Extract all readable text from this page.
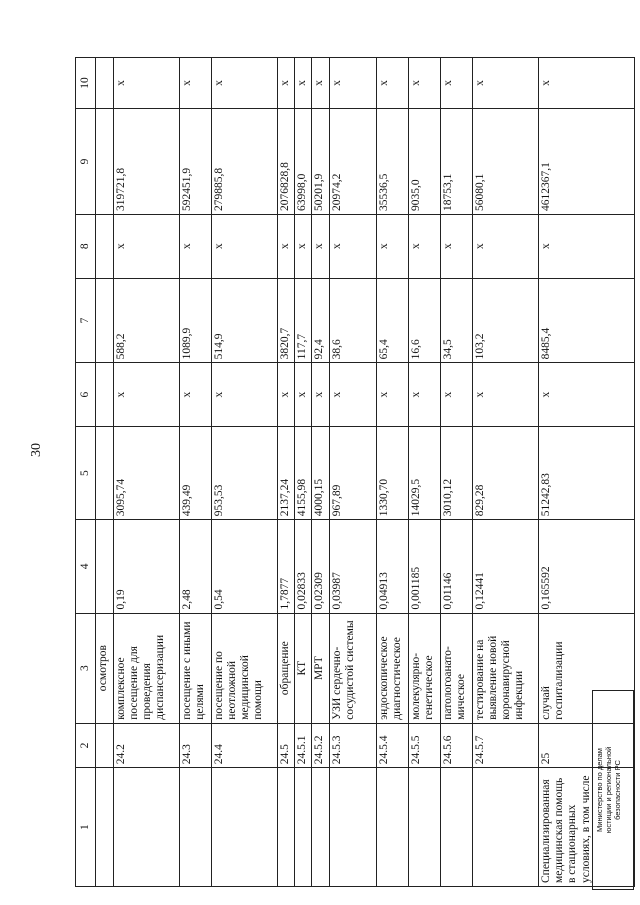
30
1	2	3	4	5	6	7	8	9	10
		осмотров							
	24.2	комплексное посещение для проведения диспансеризации	0,19	3095,74	х	588,2	х	319721,8	х
	24.3	посещение с иными целями	2,48	439,49	х	1089,9	х	592451,9	х
	24.4	посещение по неотложной медицинской помощи	0,54	953,53	х	514,9	х	279885,8	х
	24.5	обращение	1,7877	2137,24	х	3820,7	х	2076828,8	х
	24.5.1	КТ	0,02833	4155,98	х	117,7	х	63998,0	х
	24.5.2	МРТ	0,02309	4000,15	х	92,4	х	50201,9	х
	24.5.3	УЗИ сердечно-сосудистой системы	0,03987	967,89	х	38,6	х	20974,2	х
	24.5.4	эндоскопическое диагностическое	0,04913	1330,70	х	65,4	х	35536,5	х
	24.5.5	молекулярно-генетическое	0,001185	14029,5	х	16,6	х	9035,0	х
	24.5.6	патологоанато-мическое	0,01146	3010,12	х	34,5	х	18753,1	х
	24.5.7	тестирование на выявление новой коронавирусной инфекции	0,12441	829,28	х	103,2	х	56080,1	х
Специализированная медицинская помощь в стационарных условиях, в том числе	25	случай госпитализации	0,165592	51242,83	х	8485,4	х	4612367,1	х
Министерство по делам юстиции и региональной безопасности РС
